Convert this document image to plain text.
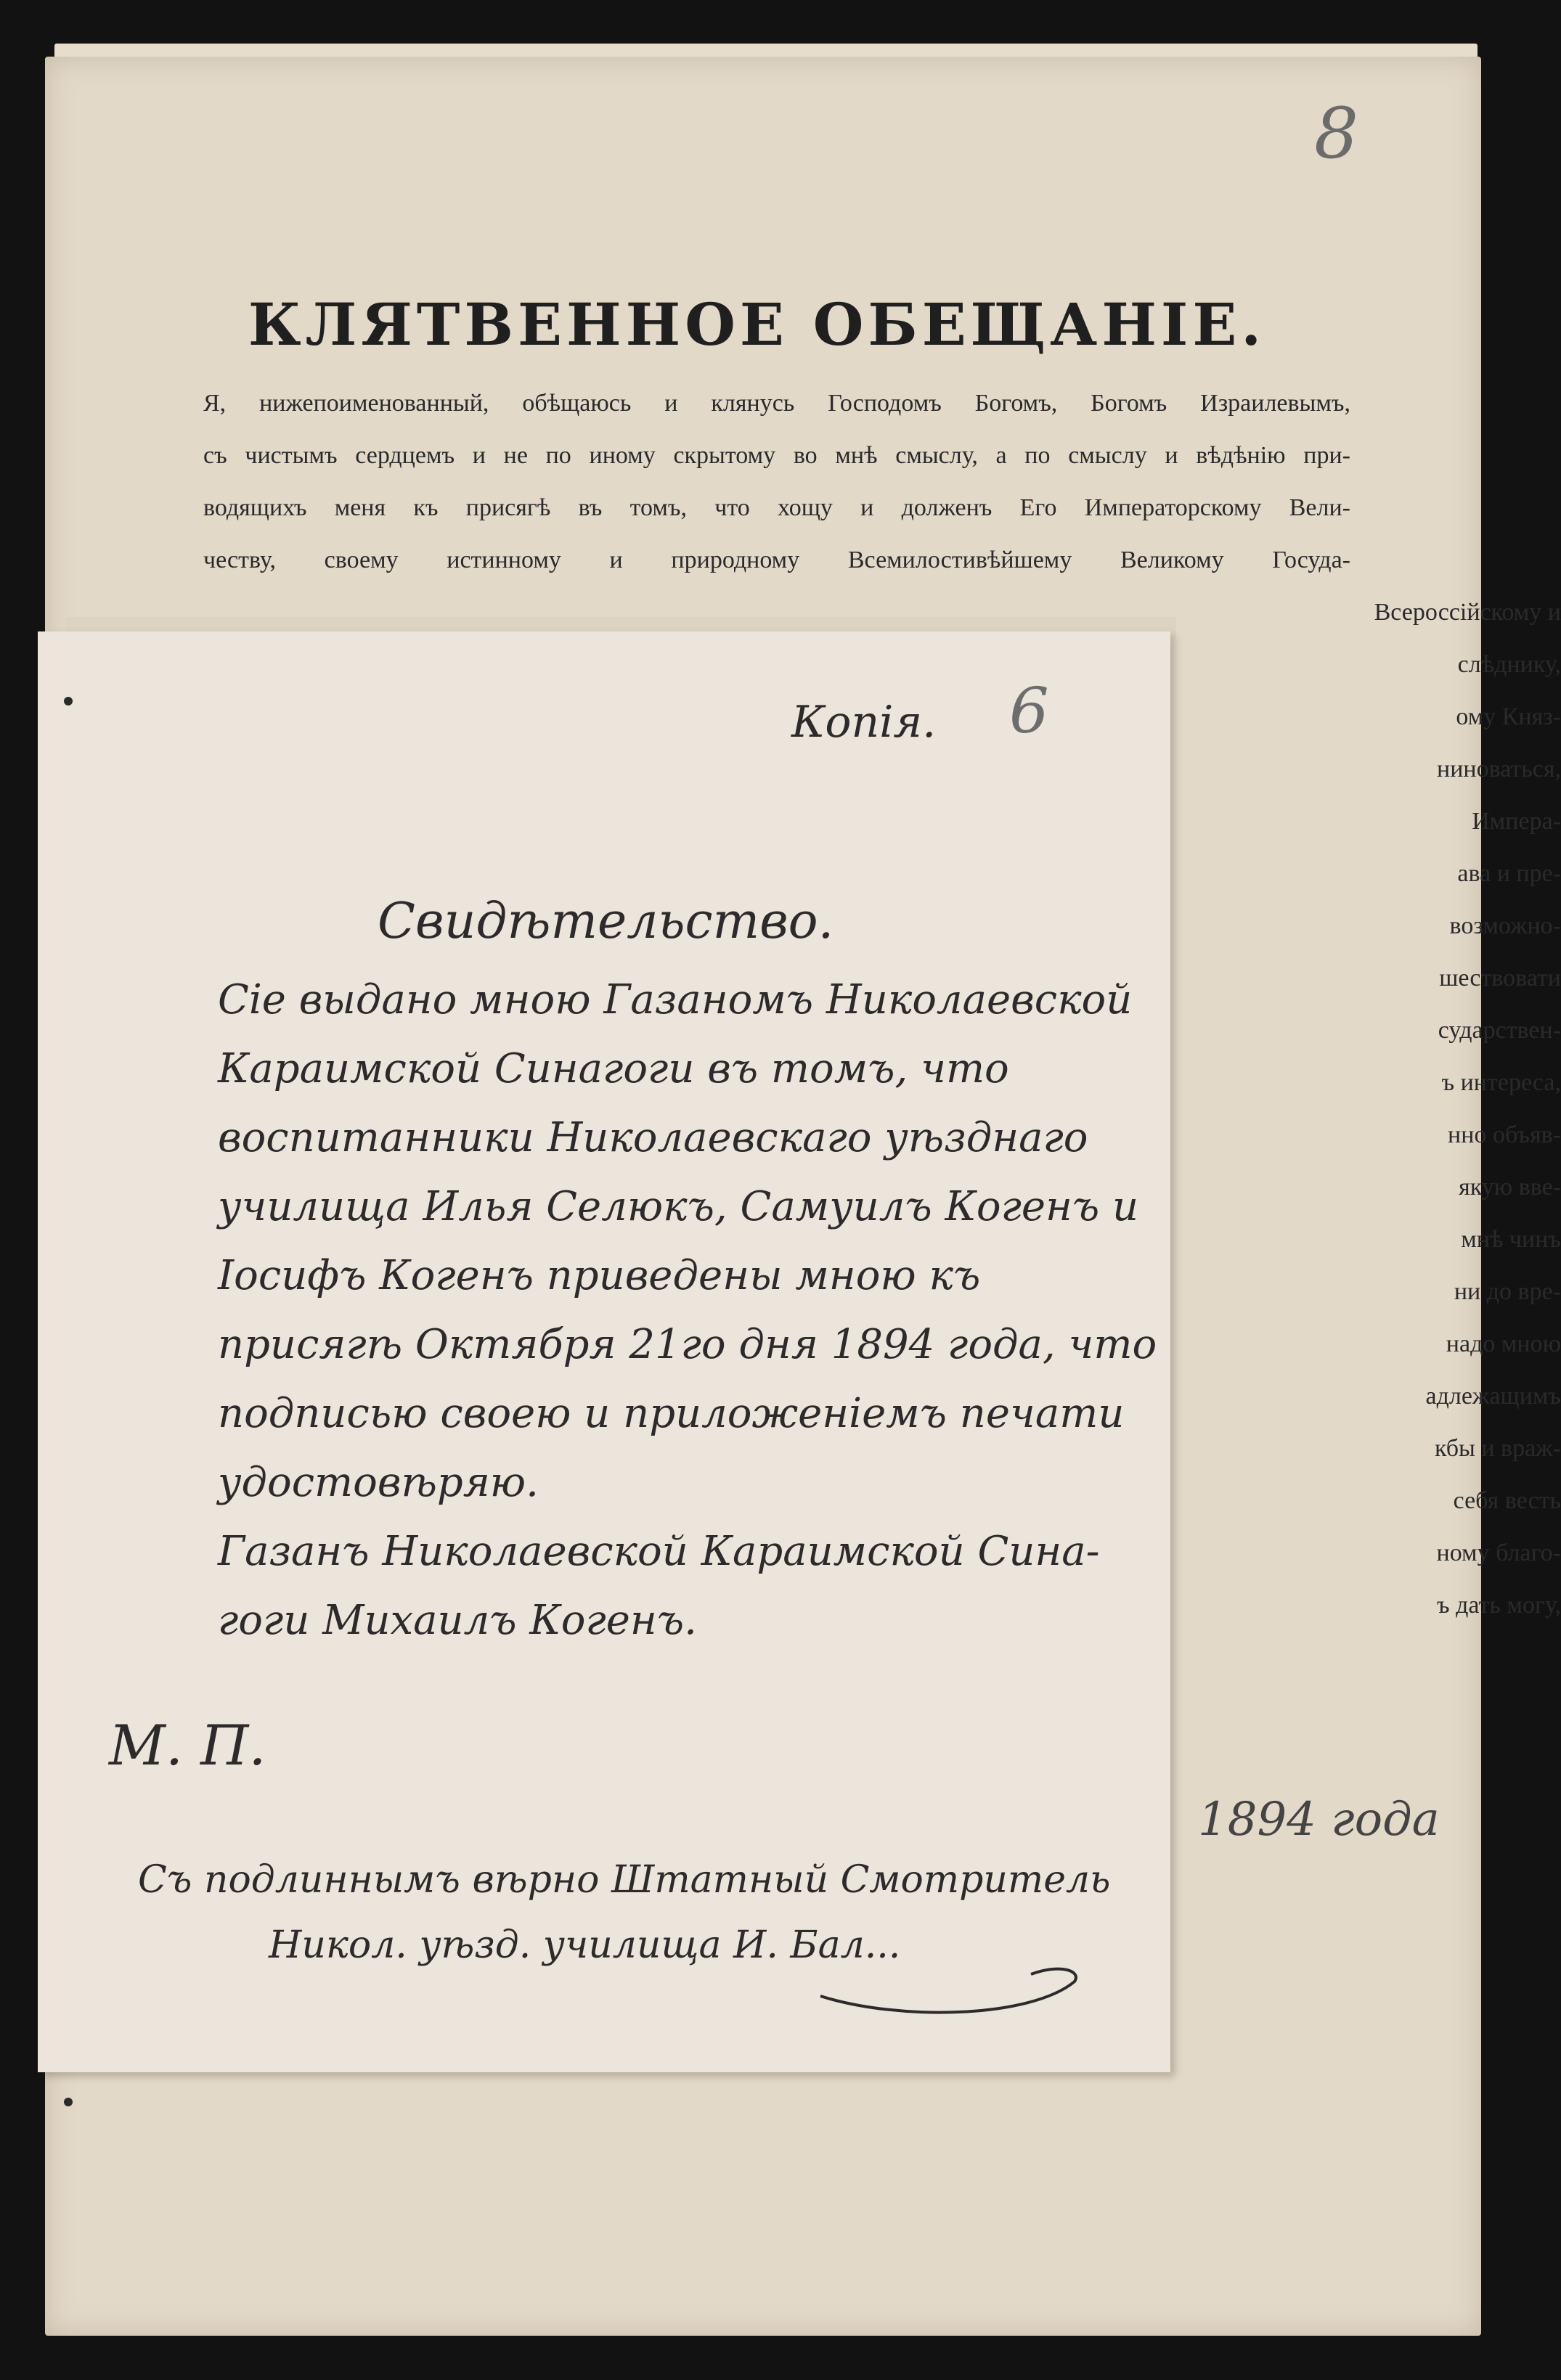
8
КЛЯТВЕННОЕ ОБЕЩАНІЕ.
Я, нижепоименованный, обѣщаюсь и клянусь Господомъ Богомъ, Богомъ Израилевымъ,
съ чистымъ сердцемъ и не по иному скрытому во мнѣ смыслу, а по смыслу и вѣдѣнію при-
водящихъ меня къ присягѣ въ томъ, что хощу и долженъ Его Императорскому Вели-
честву, своему истинному и природному Всемилостивѣйшему Великому Госуда-
Всероссійскому и
слѣднику,
ому Княз-
ниноваться,
Импера-
ава и пре-
возможно-
шествовати
сударствен-
ъ интереса,
нно объяв-
якую вве-
мнѣ чинъ
ни до вре-
надо мною
адлежащимъ
кбы и враж-
себя весть
ному благо-
ъ дать могу,
1894 года
Копія. 6
Свидѣтельство.
Сіе выдано мною Газаномъ Николаевской
Караимской Синагоги въ томъ, что
воспитанники Николаевскаго уѣзднаго
училища Илья Селюкъ, Самуилъ Когенъ и
Іосифъ Когенъ приведены мною къ
присягѣ Октября 21го дня 1894 года, что
подписью своею и приложеніемъ печати
удостовѣряю.
Газанъ Николаевской Караимской Сина-
гоги Михаилъ Когенъ.
М. П.
Съ подлиннымъ вѣрно Штатный Смотритель
Никол. уѣзд. училища И. Бал...
